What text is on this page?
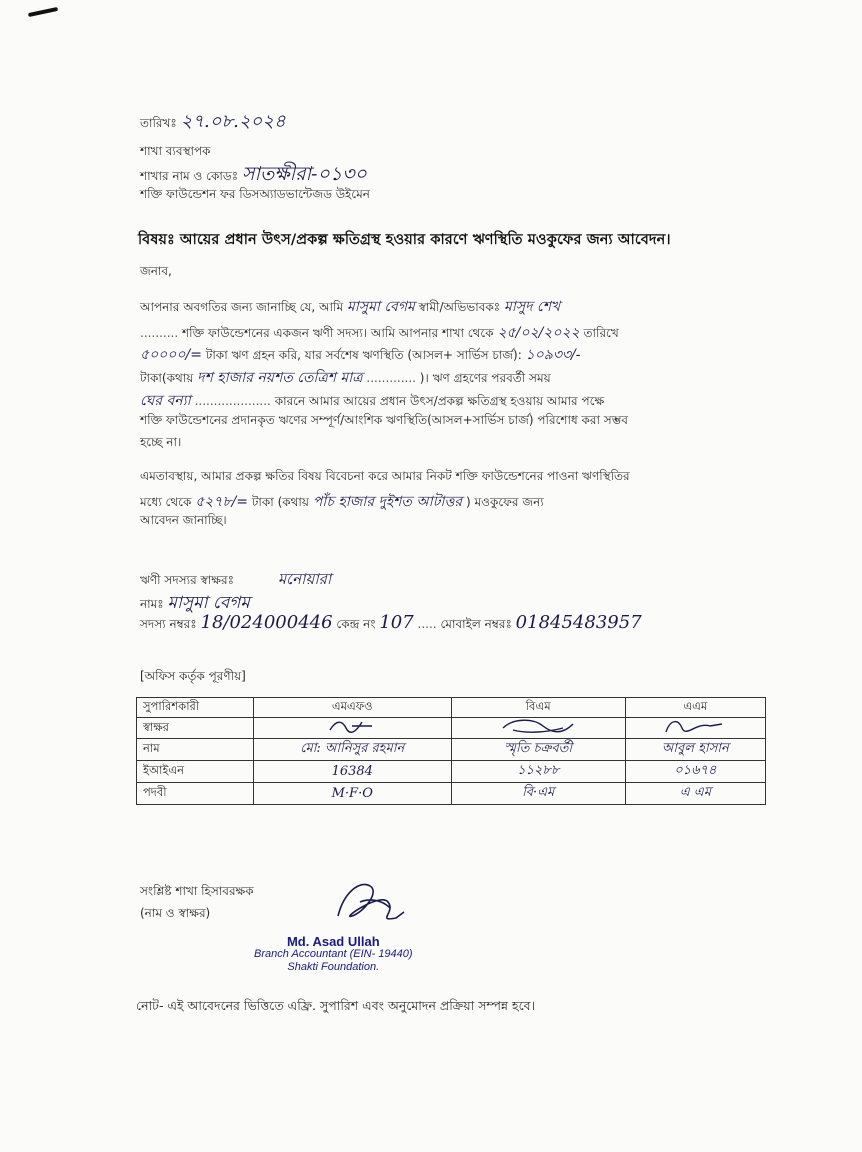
তারিখঃ ২৭.০৮.২০২৪
শাখা ব্যবস্থাপক
শাখার নাম ও কোডঃ সাতক্ষীরা-০১৩০
শক্তি ফাউন্ডেশন ফর ডিসঅ্যাডভান্টেজড উইমেন
বিষয়ঃ আয়ের প্রধান উৎস/প্রকল্প ক্ষতিগ্রস্থ হওয়ার কারণে ঋণস্থিতি মওকুফের জন্য আবেদন।
জনাব,
আপনার অবগতির জন্য জানাচ্ছি যে, আমি মাসুমা বেগম স্বামী/অভিভাবকঃ মাসুদ শেখ
.......... শক্তি ফাউন্ডেশনের একজন ঋণী সদস্য। আমি আপনার শাখা থেকে ২৫/০২/২০২২ তারিখে
৫০০০০/= টাকা ঋণ গ্রহন করি, যার সর্বশেষ ঋণস্থিতি (আসল+ সার্ভিস চার্জ): ১০৯৩৩/-
টাকা(কথায় দশ হাজার নয়শত তেত্রিশ মাত্র ............. )। ঋণ গ্রহণের পরবর্তী সময়
ঘের বন্যা .................... কারনে আমার আয়ের প্রধান উৎস/প্রকল্প ক্ষতিগ্রস্থ হওয়ায় আমার পক্ষে
শক্তি ফাউন্ডেশনের প্রদানকৃত ঋণের সম্পূর্ণ/আংশিক ঋণস্থিতি(আসল+সার্ভিস চার্জ) পরিশোধ করা সম্ভব
হচ্ছে না।
এমতাবস্থায়, আমার প্রকল্প ক্ষতির বিষয় বিবেচনা করে আমার নিকট শক্তি ফাউন্ডেশনের পাওনা ঋণস্থিতির
মধ্যে থেকে ৫২৭৮/= টাকা (কথায় পাঁচ হাজার দুইশত আটাত্তর ) মওকুফের জন্য
আবেদন জানাচ্ছি।
ঋণী সদস্যর স্বাক্ষরঃ	মনোয়ারা
নামঃ মাসুমা বেগম
সদস্য নম্বরঃ 18/024000446 কেন্দ্র নং 107 ..... মোবাইল নম্বরঃ 01845483957
[অফিস কর্তৃক পূরণীয়]
সুপারিশকারী	এমএফও	বিএম	এএম
স্বাক্ষর			
নাম	মো: আনিসুর রহমান	স্মৃতি চক্রবর্তী	আবুল হাসান
ইআইএন	16384	১১২৮৮	০১৬৭৪
পদবী	M·F·O	বি·এম	এ এম
সংশ্লিষ্ট শাখা হিসাবরক্ষক
(নাম ও স্বাক্ষর)
Md. Asad Ullah
Branch Accountant (EIN- 19440)
Shakti Foundation.
নোট- এই আবেদনের ভিত্তিতে এফ্রি. সুপারিশ এবং অনুমোদন প্রক্রিয়া সম্পন্ন হবে।
